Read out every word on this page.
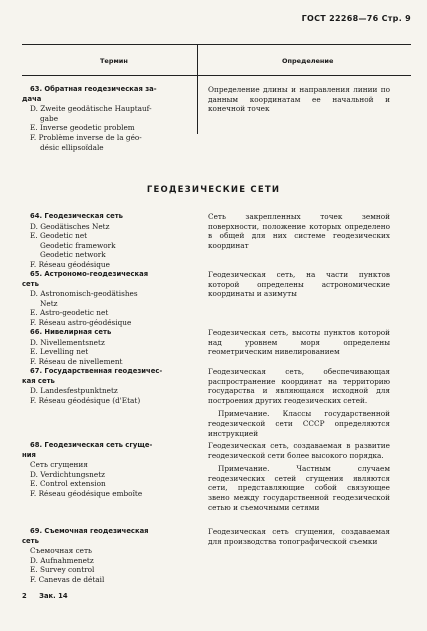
ГОСТ 22268—76 Стр. 9
Термин	Определение
63. Обратная геодезическая за-
дача
D. Zweite geodätische Hauptauf-
gabe
E. Inverse geodetic problem
F. Problème inverse de la géo-
désic ellipsoïdale
Определение длины и направления линии по данным координатам ее начальной и конечной точек
ГЕОДЕЗИЧЕСКИЕ СЕТИ
64. Геодезическая сеть
D. Geodätisches Netz
E. Geodetic net
Geodetic framework
Geodetic network
F. Réseau géodésique
Сеть закрепленных точек земной поверхности, положение которых определено в общей для них системе геодезических координат
65. Астрономо-геодезическая
сеть
D. Astronomisch-geodätishes
Netz
E. Astro-geodetic net
F. Réseau astro-géodésique
Геодезическая сеть, на части пунктов которой определены астрономические координаты и азимуты
66. Нивелирная сеть
D. Nivellementsnetz
E. Levelling net
F. Réseau de nivellement
Геодезическая сеть, высоты пунктов которой над уровнем моря определены геометрическим нивелированием
67. Государственная геодезичес-
кая сеть
D. Landesfestpunktnetz
F. Réseau géodésique (d'Etat)
Геодезическая сеть, обеспечивающая распространение координат на территорию государства и являющаяся исходной для построения других геодезических сетей.
Примечание. Классы государственной геодезической сети СССР определяются инструкцией
68. Геодезическая сеть сгуще-
ния
Сеть сгущения
D. Verdichtungsnetz
E. Control extension
F. Réseau géodésique emboîte
Геодезическая сеть, создаваемая в развитие геодезической сети более высокого порядка.
Примечание. Частным случаем геодезических сетей сгущения являются сети, представляющие собой связующее звено между государственной геодезической сетью и съемочными сетями
69. Съемочная геодезическая
сеть
Съемочная сеть
D. Aufnahmenetz
E. Survey control
F. Canevas de détail
Геодезическая сеть сгущения, создаваемая для производства топографической съемки
2 Зак. 14
